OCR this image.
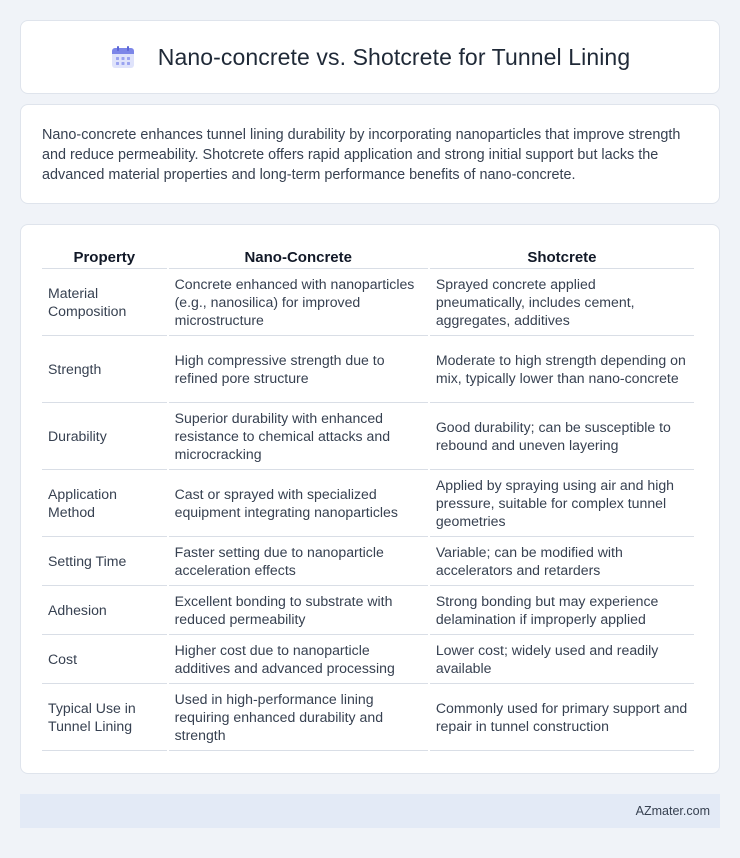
Nano-concrete vs. Shotcrete for Tunnel Lining

Nano-concrete enhances tunnel lining durability by incorporating nanoparticles that improve strength and reduce permeability. Shotcrete offers rapid application and strong initial support but lacks the advanced material properties and long-term performance benefits of nano-concrete.

Property	Nano-Concrete	Shotcrete
Material Composition	Concrete enhanced with nanoparticles (e.g., nanosilica) for improved microstructure	Sprayed concrete applied pneumatically, includes cement, aggregates, additives
Strength	High compressive strength due to refined pore structure	Moderate to high strength depending on mix, typically lower than nano-concrete
Durability	Superior durability with enhanced resistance to chemical attacks and microcracking	Good durability; can be susceptible to rebound and uneven layering
Application Method	Cast or sprayed with specialized equipment integrating nanoparticles	Applied by spraying using air and high pressure, suitable for complex tunnel geometries
Setting Time	Faster setting due to nanoparticle acceleration effects	Variable; can be modified with accelerators and retarders
Adhesion	Excellent bonding to substrate with reduced permeability	Strong bonding but may experience delamination if improperly applied
Cost	Higher cost due to nanoparticle additives and advanced processing	Lower cost; widely used and readily available
Typical Use in Tunnel Lining	Used in high-performance lining requiring enhanced durability and strength	Commonly used for primary support and repair in tunnel construction
AZmater.com
